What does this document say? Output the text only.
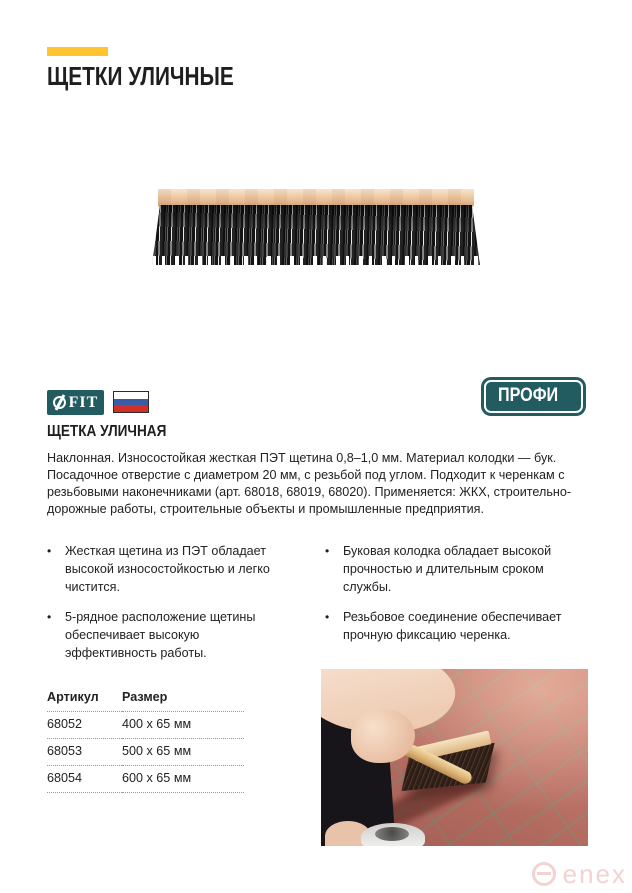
ЩЕТКИ УЛИЧНЫЕ
FIT	ПРОФИ
ЩЕТКА УЛИЧНАЯ

Наклонная. Износостойкая жесткая ПЭТ щетина 0,8–1,0 мм. Материал колодки — бук. Посадочное отверстие с диаметром 20 мм, с резьбой под углом. Подходит к черенкам с резьбовыми наконечниками (арт. 68018, 68019, 68020). Применяется: ЖКХ, строительно-дорожные работы, строительные объекты и промышленные предприятия.

•	Жесткая щетина из ПЭТ обладает высокой износостойкостью и легко чистится.
•	5-рядное расположение щетины обеспечивает высокую эффективность работы.
•	Буковая колодка обладает высокой прочностью и длительным сроком службы.
•	Резьбовое соединение обеспечивает прочную фиксацию черенка.
Артикул	Размер
68052	400 x 65 мм
68053	500 x 65 мм
68054	600 x 65 мм
enex
